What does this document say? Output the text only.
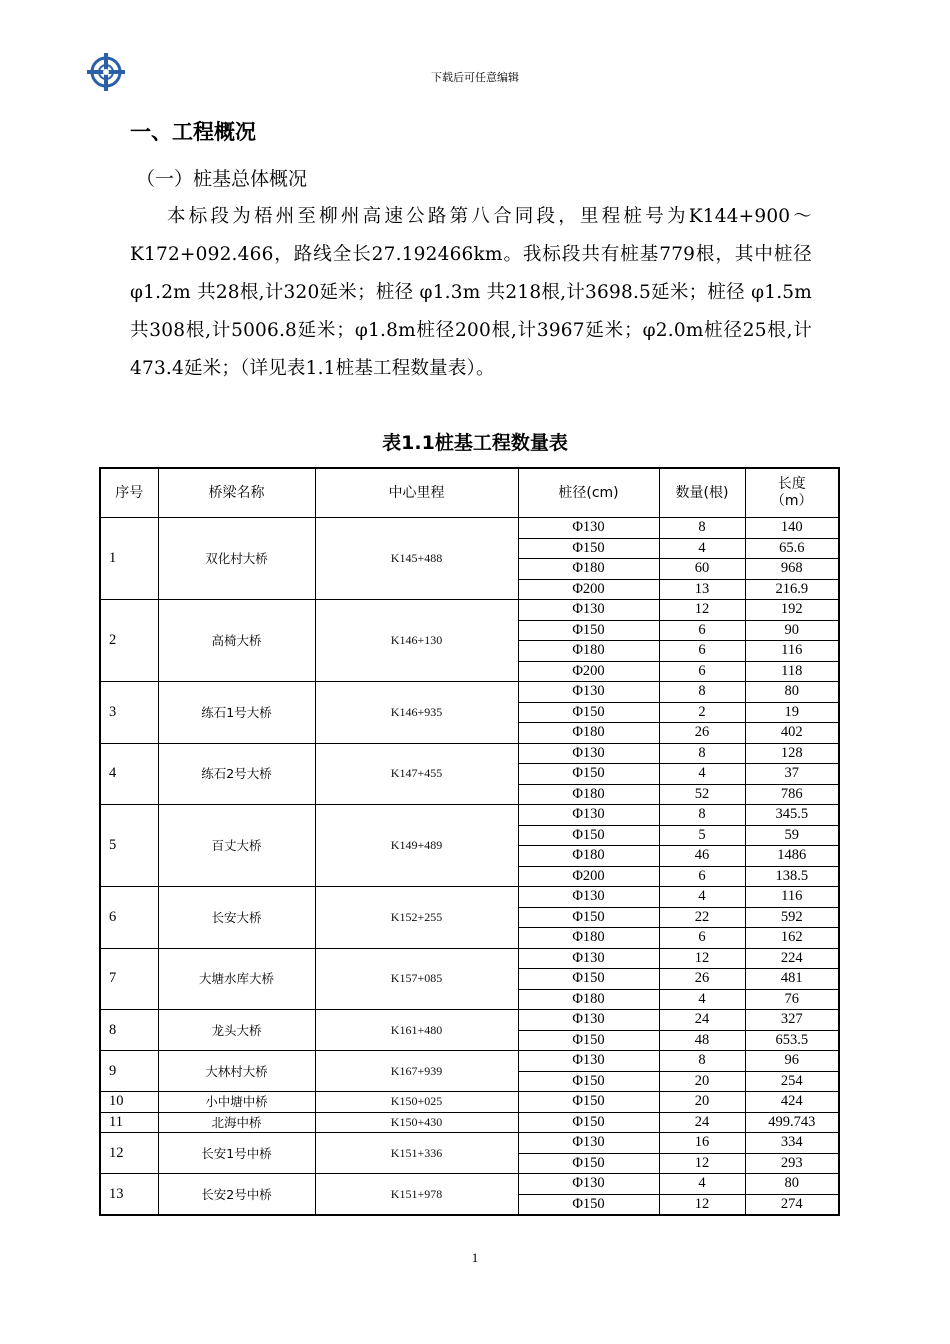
下载后可任意编辑
一、工程概况
（一）桩基总体概况
本标段为梧州至柳州高速公路第八合同段，里程桩号为K144+900～K172+092.466，路线全长27.192466km。我标段共有桩基779根，其中桩径 φ1.2m 共28根,计320延米；桩径 φ1.3m 共218根,计3698.5延米；桩径 φ1.5m 共308根,计5006.8延米；φ1.8m桩径200根,计3967延米；φ2.0m桩径25根,计473.4延米；（详见表1.1桩基工程数量表）。
表1.1桩基工程数量表
序号	桥梁名称	中心里程	桩径(cm)	数量(根)	长度
（m）
1	双化村大桥	K145+488	Φ130	8	140
			Φ150	4	65.6
			Φ180	60	968
			Φ200	13	216.9
2	高椅大桥	K146+130	Φ130	12	192
			Φ150	6	90
			Φ180	6	116
			Φ200	6	118
3	练石1号大桥	K146+935	Φ130	8	80
			Φ150	2	19
			Φ180	26	402
4	练石2号大桥	K147+455	Φ130	8	128
			Φ150	4	37
			Φ180	52	786
5	百丈大桥	K149+489	Φ130	8	345.5
			Φ150	5	59
			Φ180	46	1486
			Φ200	6	138.5
6	长安大桥	K152+255	Φ130	4	116
			Φ150	22	592
			Φ180	6	162
7	大塘水库大桥	K157+085	Φ130	12	224
			Φ150	26	481
			Φ180	4	76
8	龙头大桥	K161+480	Φ130	24	327
			Φ150	48	653.5
9	大林村大桥	K167+939	Φ130	8	96
			Φ150	20	254
10	小中塘中桥	K150+025	Φ150	20	424
11	北海中桥	K150+430	Φ150	24	499.743
12	长安1号中桥	K151+336	Φ130	16	334
			Φ150	12	293
13	长安2号中桥	K151+978	Φ130	4	80
			Φ150	12	274
1
